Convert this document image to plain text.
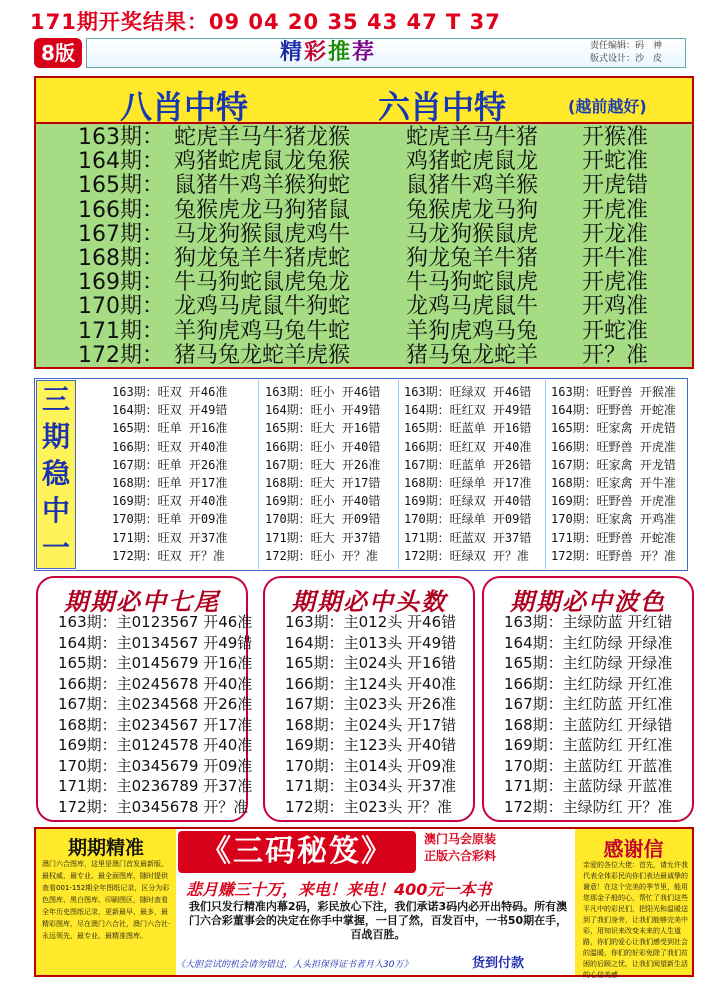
171期开奖结果：09 04 20 35 43 47 T 37
8版	精彩推荐	责任编辑：码　神
版式设计：沙　皮
八肖中特	六肖中特	(越前越好)
163期： 蛇虎羊马牛猪龙猴	蛇虎羊马牛猪 开猴准
164期： 鸡猪蛇虎鼠龙兔猴	鸡猪蛇虎鼠龙 开蛇准
165期： 鼠猪牛鸡羊猴狗蛇	鼠猪牛鸡羊猴 开虎错
166期： 兔猴虎龙马狗猪鼠	兔猴虎龙马狗 开虎准
167期： 马龙狗猴鼠虎鸡牛	马龙狗猴鼠虎 开龙准
168期： 狗龙兔羊牛猪虎蛇	狗龙兔羊牛猪 开牛准
169期： 牛马狗蛇鼠虎兔龙	牛马狗蛇鼠虎 开虎准
170期： 龙鸡马虎鼠牛狗蛇	龙鸡马虎鼠牛 开鸡准
171期： 羊狗虎鸡马兔牛蛇	羊狗虎鸡马兔 开蛇准
172期： 猪马兔龙蛇羊虎猴	猪马兔龙蛇羊 开？准
三
期
稳
中
一
163期：旺双 开46准
164期：旺双 开49错
165期：旺单 开16准
166期：旺双 开40准
167期：旺单 开26准
168期：旺单 开17准
169期：旺双 开40准
170期：旺单 开09准
171期：旺双 开37准
172期：旺双 开？准
163期：旺小 开46错
164期：旺小 开49错
165期：旺大 开16错
166期：旺小 开40错
167期：旺大 开26准
168期：旺大 开17错
169期：旺小 开40错
170期：旺大 开09错
171期：旺大 开37错
172期：旺小 开？准
163期：旺绿双 开46错
164期：旺红双 开49错
165期：旺蓝单 开16错
166期：旺红双 开40准
167期：旺蓝单 开26错
168期：旺绿单 开17准
169期：旺绿双 开40错
170期：旺绿单 开09错
171期：旺蓝双 开37错
172期：旺绿双 开？准
163期：旺野兽 开猴准
164期：旺野兽 开蛇准
165期：旺家禽 开虎错
166期：旺野兽 开虎准
167期：旺家禽 开龙错
168期：旺家禽 开牛准
169期：旺野兽 开虎准
170期：旺家禽 开鸡准
171期：旺野兽 开蛇准
172期：旺野兽 开？准
期期必中七尾
163期：主0123567 开46准
164期：主0134567 开49错
165期：主0145679 开16准
166期：主0245678 开40准
167期：主0234568 开26准
168期：主0234567 开17准
169期：主0124578 开40准
170期：主0345679 开09准
171期：主0236789 开37准
172期：主0345678 开？准
期期必中头数
163期：主012头 开46错
164期：主013头 开49错
165期：主024头 开16错
166期：主124头 开40准
167期：主023头 开26准
168期：主024头 开17错
169期：主123头 开40错
170期：主014头 开09准
171期：主034头 开37准
172期：主023头 开？准
期期必中波色
163期：主绿防蓝 开红错
164期：主红防绿 开绿准
165期：主红防绿 开绿准
166期：主红防绿 开红准
167期：主红防蓝 开红准
168期：主蓝防红 开绿错
169期：主蓝防红 开红准
170期：主蓝防红 开蓝准
171期：主蓝防绿 开蓝准
172期：主绿防红 开？准
期期精准
澳门六合图库，这里是澳门首发最新版、最权威、最专业、最全面图库，随时提供查看001-152期全年图纸记录，区分为彩色图库、黑白图库、印刷图区，随时查看全年历史图纸记录，更新最早、最多，最精彩图库，尽在澳门六合社，澳门六合社·永远领先、最专业、最精准图库。
《三码秘笈》	澳门马会原装
正版六合彩料
悲月赚三十万，来电！来电！400元一本书
我们只发行精准内幕2码，彩民放心下注，我们承诺3码内必开出特码。所有澳门六合彩董事会的决定在你手中掌握，一目了然，百发百中，一书50期在手，百战百胜。
《大胆尝试的机会请勿错过，人头担保得证书者月入30万》	货到付款
感谢信
亲爱的各位大佬：首先，请允许我代表全体彩民向你们表达最诚挚的谢意！在这个完美的季节里，能用您那金子般的心，帮忙了我们这些平凡中的彩民们，把阳光和温暖送到了我们身旁，让我们能够完美中彩，用知识来改变未来的人生道路，你们的爱心让我们感受到社会的温暖，你们的好彩免除了我们贫困的后顾之忧，让我们阅望新生活的心信美感
